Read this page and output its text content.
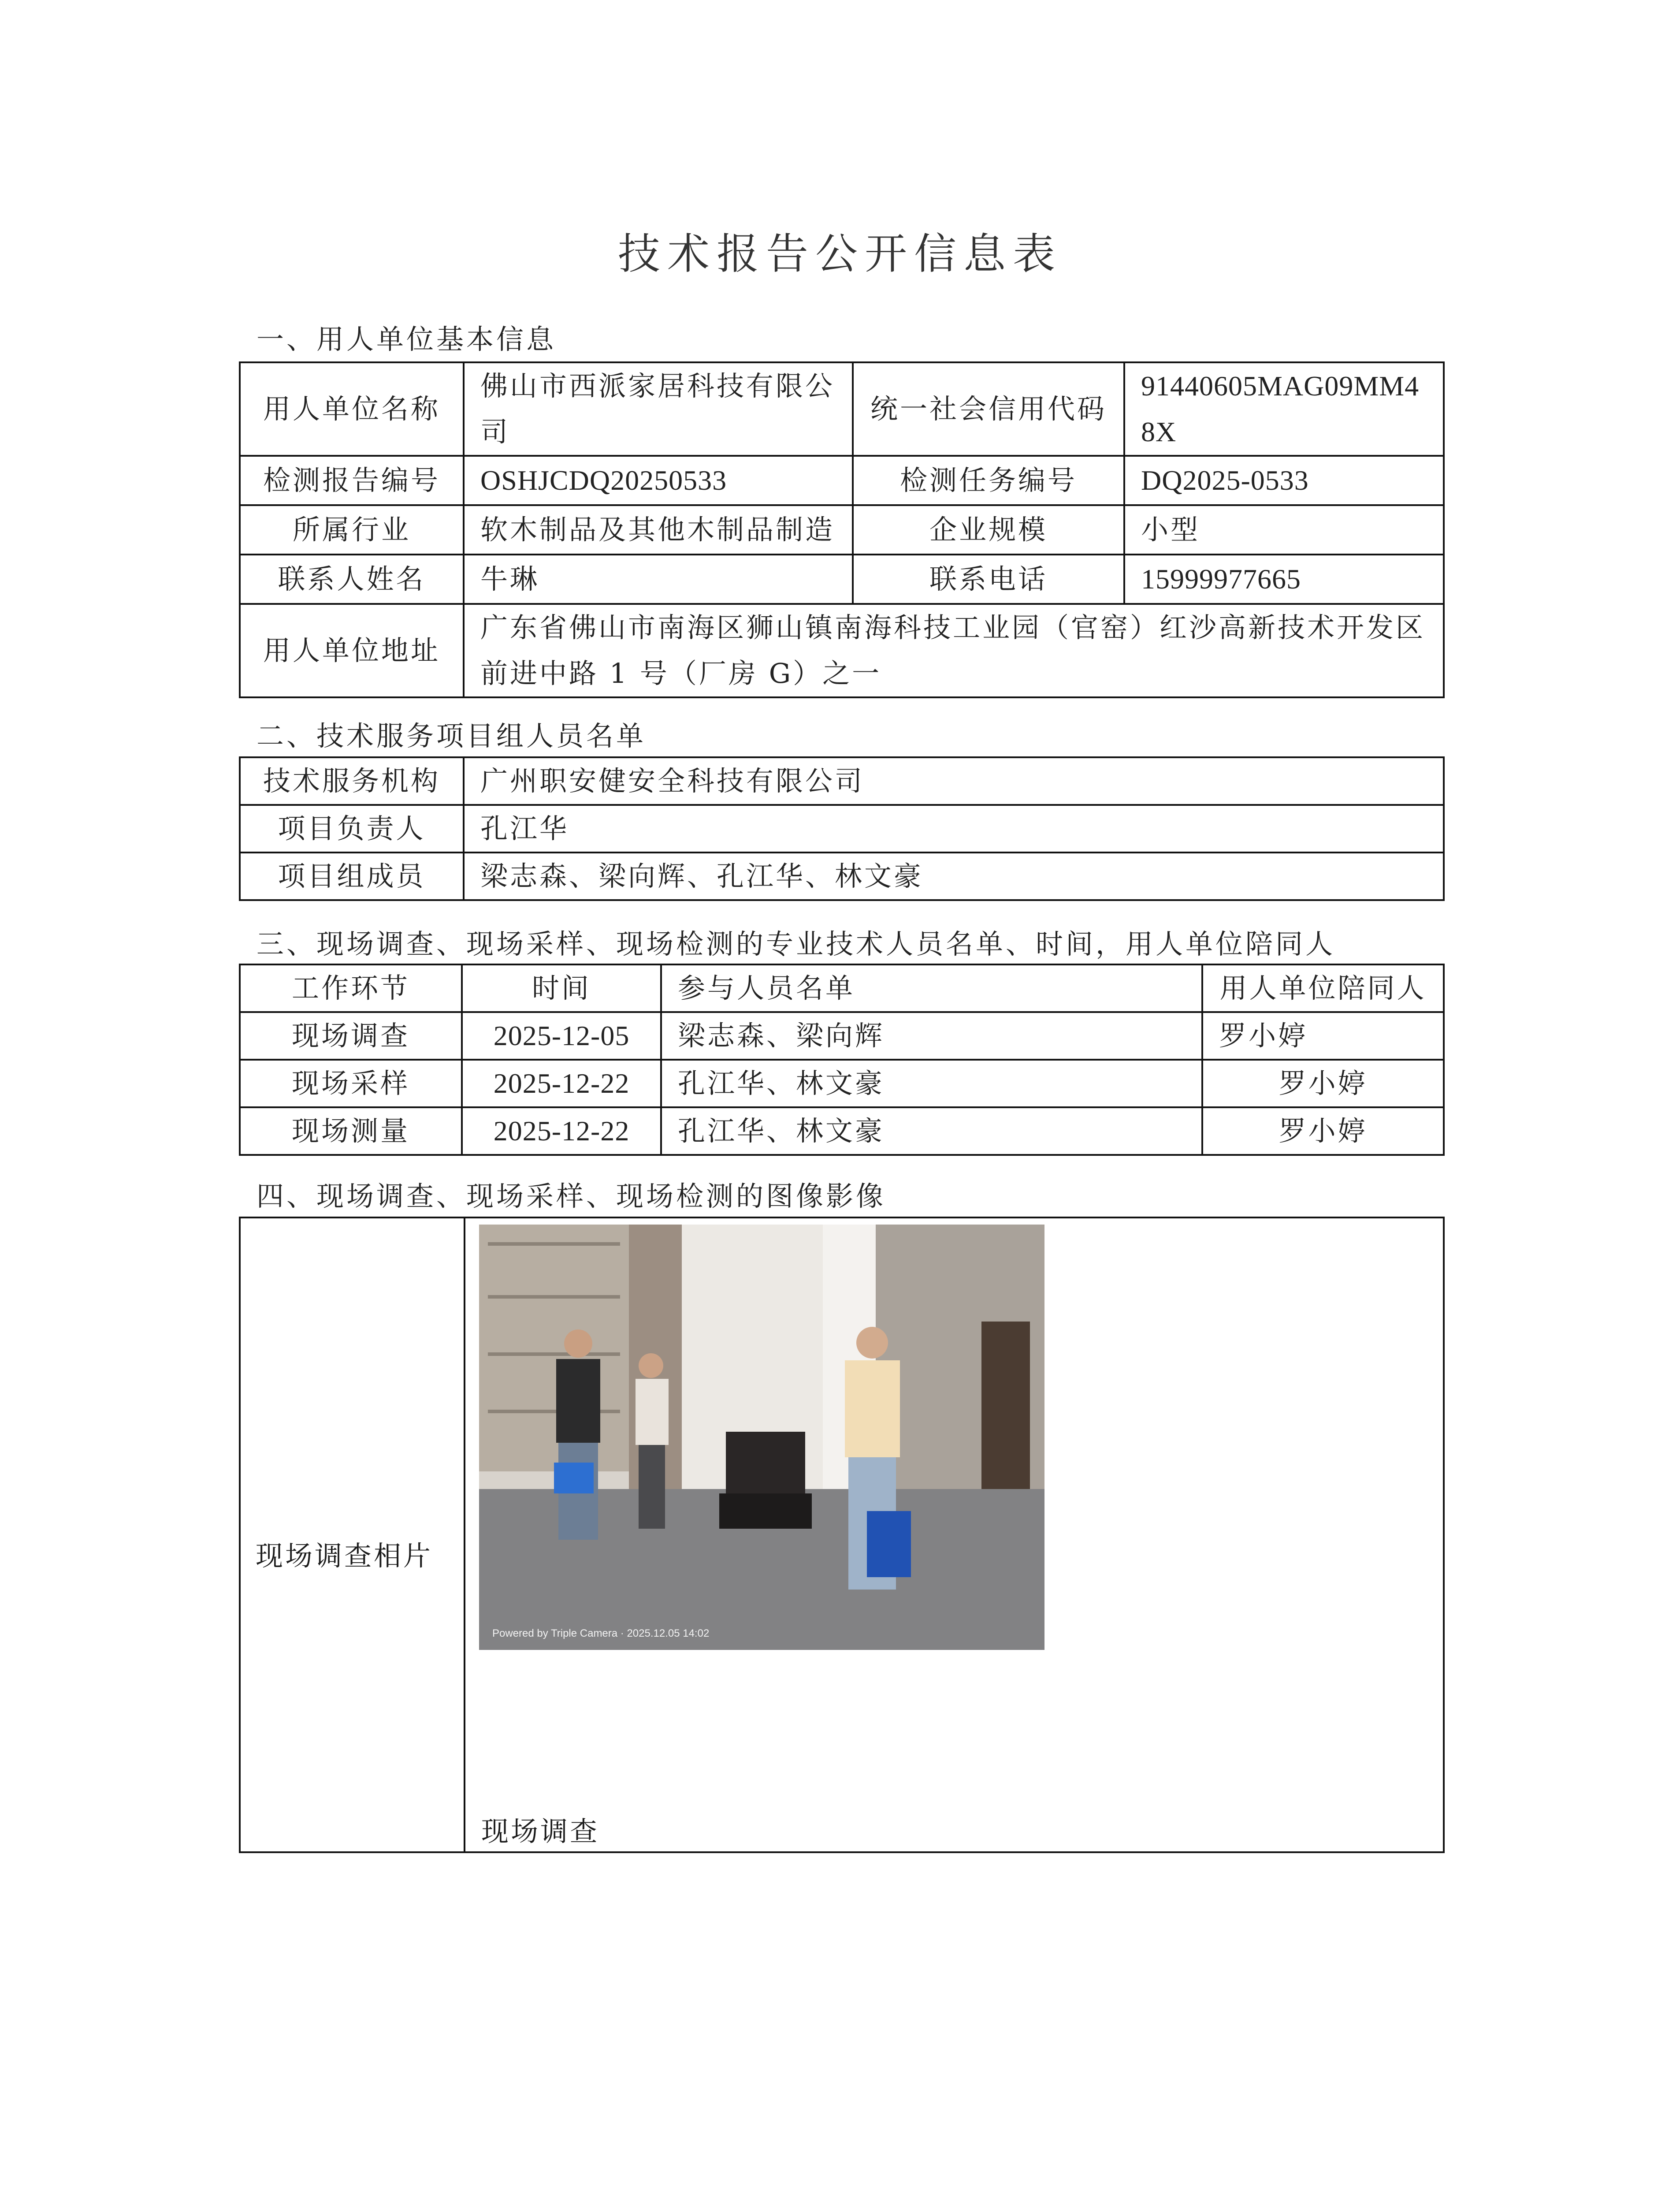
技术报告公开信息表
一、用人单位基本信息
用人单位名称	佛山市西派家居科技有限公司	统一社会信用代码	91440605MAG09MM48X
检测报告编号	OSHJCDQ20250533	检测任务编号	DQ2025-0533
所属行业	软木制品及其他木制品制造	企业规模	小型
联系人姓名	牛琳	联系电话	15999977665
用人单位地址	广东省佛山市南海区狮山镇南海科技工业园（官窑）红沙高新技术开发区前进中路 1 号（厂房 G）之一		
二、技术服务项目组人员名单
技术服务机构	广州职安健安全科技有限公司
项目负责人	孔江华
项目组成员	梁志森、梁向辉、孔江华、林文豪
三、现场调查、现场采样、现场检测的专业技术人员名单、时间，用人单位陪同人
工作环节	时间	参与人员名单	用人单位陪同人
现场调查	2025-12-05	梁志森、梁向辉	罗小婷
现场采样	2025-12-22	孔江华、林文豪	罗小婷
现场测量	2025-12-22	孔江华、林文豪	罗小婷
四、现场调查、现场采样、现场检测的图像影像

现场调查相片
Powered by Triple Camera · 2025.12.05 14:02
现场调查
